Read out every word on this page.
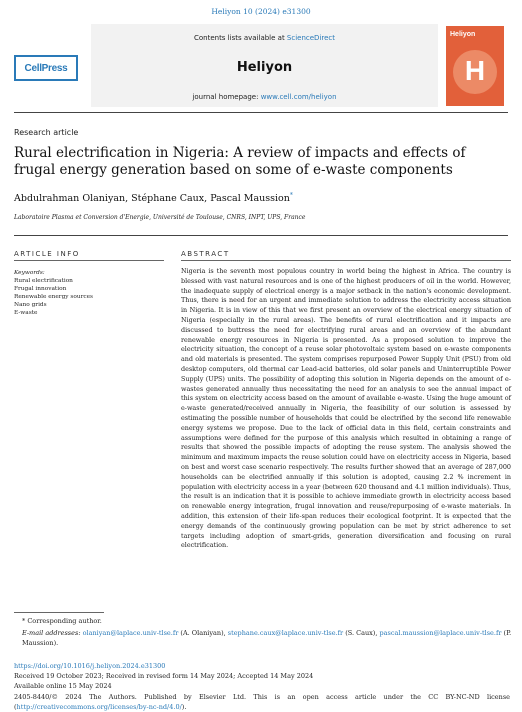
Heliyon 10 (2024) e31300
CellPress
Contents lists available at ScienceDirect
Heliyon
journal homepage: www.cell.com/heliyon
Heliyon
H
Research article
Rural electrification in Nigeria: A review of impacts and effects of frugal energy generation based on some of e-waste components
Abdulrahman Olaniyan, Stéphane Caux, Pascal Maussion*
Laboratoire Plasma et Conversion d'Energie, Université de Toulouse, CNRS, INPT, UPS, France
ARTICLE INFO
Keywords:
Rural electrification
Frugal innovation
Renewable energy sources
Nano grids
E-waste
ABSTRACT
Nigeria is the seventh most populous country in world being the highest in Africa. The country is blessed with vast natural resources and is one of the highest producers of oil in the world. However, the inadequate supply of electrical energy is a major setback in the nation's economic development. Thus, there is need for an urgent and immediate solution to address the electricity access situation in Nigeria. It is in view of this that we first present an overview of the electrical energy situation of Nigeria (especially in the rural areas). The benefits of rural electrification and it impacts are discussed to buttress the need for electrifying rural areas and an overview of the abundant renewable energy resources in Nigeria is presented. As a proposed solution to improve the electricity situation, the concept of a reuse solar photovoltaic system based on e-waste components and old materials is presented. The system comprises repurposed Power Supply Unit (PSU) from old desktop computers, old thermal car Lead-acid batteries, old solar panels and Uninterruptible Power Supply (UPS) units. The possibility of adopting this solution in Nigeria depends on the amount of e-wastes generated annually thus necessitating the need for an analysis to see the annual impact of this system on electricity access based on the amount of available e-waste. Using the huge amount of e-waste generated/received annually in Nigeria, the feasibility of our solution is assessed by estimating the possible number of households that could be electrified by the second life renewable energy systems we propose. Due to the lack of official data in this field, certain constraints and assumptions were defined for the purpose of this analysis which resulted in obtaining a range of results that showed the possible impacts of adopting the reuse system. The analysis showed the minimum and maximum impacts the reuse solution could have on electricity access in Nigeria, based on best and worst case scenario respectively. The results further showed that an average of 287,000 households can be electrified annually if this solution is adopted, causing 2.2 % increment in population with electricity access in a year (between 620 thousand and 4.1 million individuals). Thus, the result is an indication that it is possible to achieve immediate growth in electricity access based on renewable energy integration, frugal innovation and reuse/repurposing of e-waste materials. In addition, this extension of their life-span reduces their ecological footprint. It is expected that the energy demands of the continuously growing population can be met by strict adherence to set targets including adoption of smart-grids, generation diversification and focusing on rural electrification.
* Corresponding author.
E-mail addresses: olaniyan@laplace.univ-tlse.fr (A. Olaniyan), stephane.caux@laplace.univ-tlse.fr (S. Caux), pascal.maussion@laplace.univ-tlse.fr (P. Maussion).
https://doi.org/10.1016/j.heliyon.2024.e31300
Received 19 October 2023; Received in revised form 14 May 2024; Accepted 14 May 2024
Available online 15 May 2024
2405-8440/© 2024 The Authors. Published by Elsevier Ltd. This is an open access article under the CC BY-NC-ND license (http://creativecommons.org/licenses/by-nc-nd/4.0/).
